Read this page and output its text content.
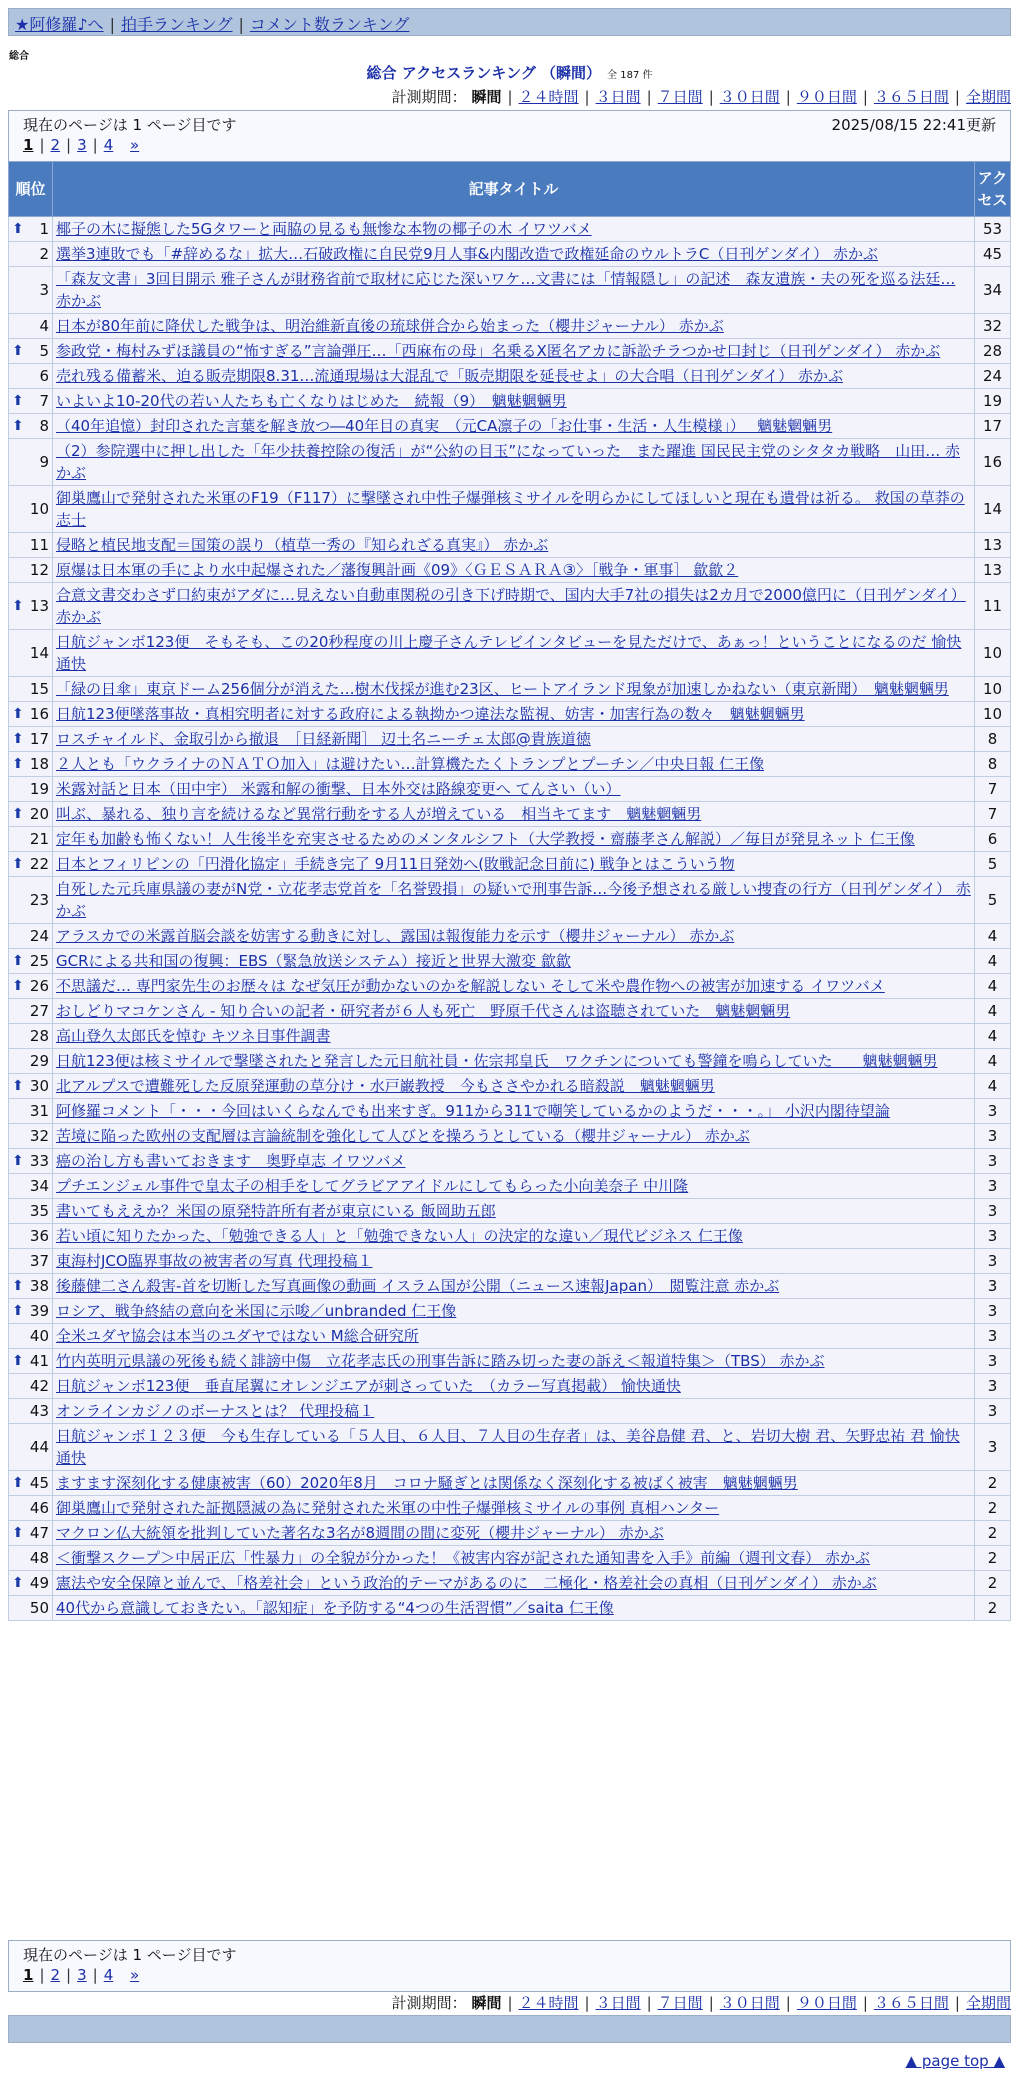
★阿修羅♪へ | 拍手ランキング | コメント数ランキング
総合
総合 アクセスランキング （瞬間） 全 187 件
計測期間： 瞬間 | ２４時間 | ３日間 | ７日間 | ３０日間 | ９０日間 | ３６５日間 | 全期間
現在のページは 1 ページ目です	2025/08/15 22:41更新
1 | 2 | 3 | 4 »
順位	記事タイトル	アクセス

⬆ 1	椰子の木に擬態した5Gタワーと両脇の見るも無惨な本物の椰子の木 イワツバメ	53

2	選挙3連敗でも「#辞めるな」拡大…石破政権に自民党9月人事&内閣改造で政権延命のウルトラC（日刊ゲンダイ） 赤かぶ	45

3	「森友文書」3回目開示 雅子さんが財務省前で取材に応じた深いワケ…文書には「情報隠し」の記述　森友遺族・夫の死を巡る法廷… 赤かぶ	34

4	日本が80年前に降伏した戦争は、明治維新直後の琉球併合から始まった（櫻井ジャーナル） 赤かぶ	32

⬆ 5	参政党・梅村みずほ議員の“怖すぎる”言論弾圧…「西麻布の母」名乗るX匿名アカに訴訟チラつかせ口封じ（日刊ゲンダイ） 赤かぶ	28

6	売れ残る備蓄米、迫る販売期限8.31…流通現場は大混乱で「販売期限を延長せよ」の大合唱（日刊ゲンダイ） 赤かぶ	24

⬆ 7	いよいよ10-20代の若い人たちも亡くなりはじめた　続報（9）　魑魅魍魎男	19

⬆ 8	（40年追憶）封印された言葉を解き放つ―40年目の真実　（元CA凛子の「お仕事・生活・人生模様」）　 魑魅魍魎男	17

9	（2）参院選中に押し出した「年少扶養控除の復活」が“公約の目玉”になっていった　また躍進 国民民主党のシタタカ戦略　山田… 赤かぶ	16

10	御巣鷹山で発射された米軍のF19（F117）に撃墜され中性子爆弾核ミサイルを明らかにしてほしいと現在も遺骨は祈る。 救国の草莽の志士	14

11	侵略と植民地支配＝国策の誤り（植草一秀の『知られざる真実』） 赤かぶ	13

12	原爆は日本軍の手により水中起爆された／藩復興計画《09》〈ＧＥＳＡＲＡ③〉［戦争・軍事］ 歙歙２	13

⬆ 13	合意文書交わさず口約束がアダに…見えない自動車関税の引き下げ時期で、国内大手7社の損失は2カ月で2000億円に（日刊ゲンダイ） 赤かぶ	11

14	日航ジャンボ123便　そもそも、この20秒程度の川上慶子さんテレビインタビューを見ただけで、あぁっ！ということになるのだ 愉快通快	10

15	「緑の日傘」東京ドーム256個分が消えた…樹木伐採が進む23区、ヒートアイランド現象が加速しかねない（東京新聞）　魑魅魍魎男	10

⬆ 16	日航123便墜落事故・真相究明者に対する政府による執拗かつ違法な監視、妨害・加害行為の数々　魑魅魍魎男	10

⬆ 17	ロスチャイルド、金取引から撤退　［日経新聞］ 辺土名ニーチェ太郎@貴族道徳	8

⬆ 18	２人とも「ウクライナのＮＡＴＯ加入」は避けたい…計算機たたくトランプとプーチン／中央日報 仁王像	8

19	米露対話と日本（田中宇） 米露和解の衝撃、日本外交は路線変更へ てんさい（い）	7

⬆ 20	叫ぶ、暴れる、独り言を続けるなど異常行動をする人が増えている　相当キてます　魑魅魍魎男	7

21	定年も加齢も怖くない！人生後半を充実させるためのメンタルシフト（大学教授・齋藤孝さん解説）／毎日が発見ネット 仁王像	6

⬆ 22	日本とフィリピンの「円滑化協定」手続き完了 9月11日発効へ(敗戦記念日前に) 戦争とはこういう物	5

23	自死した元兵庫県議の妻がN党・立花孝志党首を「名誉毀損」の疑いで刑事告訴…今後予想される厳しい捜査の行方（日刊ゲンダイ） 赤かぶ	5

24	アラスカでの米露首脳会談を妨害する動きに対し、露国は報復能力を示す（櫻井ジャーナル） 赤かぶ	4

⬆ 25	GCRによる共和国の復興：EBS（緊急放送システム）接近と世界大激変 歙歙	4

⬆ 26	不思議だ… 専門家先生のお歴々は なぜ気圧が動かないのかを解説しない そして米や農作物への被害が加速する イワツバメ	4

27	おしどりマコケンさん - 知り合いの記者・研究者が６人も死亡　野原千代さんは盗聴されていた　魑魅魍魎男	4

28	高山登久太郎氏を悼む キツネ目事件調書	4

29	日航123便は核ミサイルで撃墜されたと発言した元日航社員・佐宗邦皇氏　ワクチンについても警鐘を鳴らしていた　　魑魅魍魎男	4

⬆ 30	北アルプスで遭難死した反原発運動の草分け・水戸巌教授　今もささやかれる暗殺説　魑魅魍魎男	4

31	阿修羅コメント「・・・今回はいくらなんでも出来すぎ。911から311で嘲笑しているかのようだ・・・。」 小沢内閣待望論	3

32	苦境に陥った欧州の支配層は言論統制を強化して人びとを操ろうとしている（櫻井ジャーナル） 赤かぶ	3

⬆ 33	癌の治し方も書いておきます　奥野卓志 イワツバメ	3

34	プチエンジェル事件で皇太子の相手をしてグラビアアイドルにしてもらった小向美奈子 中川隆	3

35	書いてもええか？米国の原発特許所有者が東京にいる 飯岡助五郎	3

36	若い頃に知りたかった、「勉強できる人」と「勉強できない人」の決定的な違い／現代ビジネス 仁王像	3

37	東海村JCO臨界事故の被害者の写真 代理投稿１	3

⬆ 38	後藤健二さん殺害-首を切断した写真画像の動画 イスラム国が公開（ニュース速報Japan）　閲覧注意 赤かぶ	3

⬆ 39	ロシア、戦争終結の意向を米国に示唆／unbranded 仁王像	3

40	全米ユダヤ協会は本当のユダヤではない M総合研究所	3

⬆ 41	竹内英明元県議の死後も続く誹謗中傷　立花孝志氏の刑事告訴に踏み切った妻の訴え＜報道特集＞（TBS） 赤かぶ	3

42	日航ジャンボ123便　垂直尾翼にオレンジエアが刺さっていた　（カラー写真掲載） 愉快通快	3

43	オンラインカジノのボーナスとは？ 代理投稿１	3

44	日航ジャンボ１２３便　今も生存している「５人目、６人目、７人目の生存者」は、美谷島健 君、と、岩切大樹 君、矢野忠祐 君 愉快通快	3

⬆ 45	ますます深刻化する健康被害（60）2020年8月　コロナ騒ぎとは関係なく深刻化する被ばく被害　魑魅魍魎男	2

46	御巣鷹山で発射された証拠隠滅の為に発射された米軍の中性子爆弾核ミサイルの事例 真相ハンター	2

⬆ 47	マクロン仏大統領を批判していた著名な3名が8週間の間に変死（櫻井ジャーナル） 赤かぶ	2

48	＜衝撃スクープ＞中居正広「性暴力」の全貌が分かった！《被害内容が記された通知書を入手》前編（週刊文春） 赤かぶ	2

⬆ 49	憲法や安全保障と並んで、「格差社会」という政治的テーマがあるのに　二極化・格差社会の真相（日刊ゲンダイ） 赤かぶ	2

50	40代から意識しておきたい。「認知症」を予防する“4つの生活習慣”／saita 仁王像	2
現在のページは 1 ページ目です
1 | 2 | 3 | 4 »
計測期間： 瞬間 | ２４時間 | ３日間 | ７日間 | ３０日間 | ９０日間 | ３６５日間 | 全期間
▲ page top ▲
